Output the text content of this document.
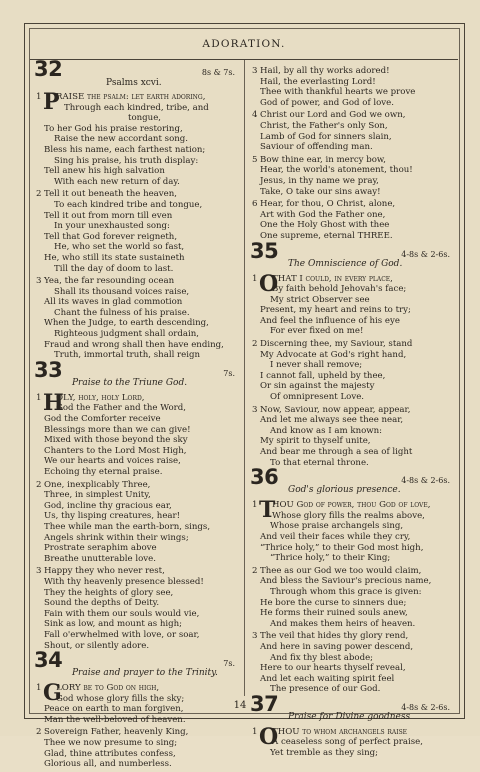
ADORATION.
32
Psalms xcvi.
8s & 7s.
1 P
RAISE the psalm: let earth adoring,
Through each kindred, tribe, and
tongue,
To her God his praise restoring,
Raise the new accordant song.
Bless his name, each farthest nation;
Sing his praise, his truth display:
Tell anew his high salvation
With each new return of day.
2 Tell it out beneath the heaven,
To each kindred tribe and tongue,
Tell it out from morn till even
In your unexhausted song:
Tell that God forever reigneth,
He, who set the world so fast,
He, who still its state sustaineth
Till the day of doom to last.
3 Yea, the far resounding ocean
Shall its thousand voices raise,
All its waves in glad commotion
Chant the fulness of his praise.
When the Judge, to earth descending,
Righteous judgment shall ordain,
Fraud and wrong shall then have ending,
Truth, immortal truth, shall reign
33
Praise to the Triune God.
7s.
1 H
OLY, holy, holy Lord,
God the Father and the Word,
God the Comforter receive
Blessings more than we can give!
Mixed with those beyond the sky
Chanters to the Lord Most High,
We our hearts and voices raise,
Echoing thy eternal praise.
2 One, inexplicably Three,
Three, in simplest Unity,
God, incline thy gracious ear,
Us, thy lisping creatures, hear!
Thee while man the earth-born, sings,
Angels shrink within their wings;
Prostrate seraphim above
Breathe unutterable love.
3 Happy they who never rest,
With thy heavenly presence blessed!
They the heights of glory see,
Sound the depths of Deity.
Fain with them our souls would vie,
Sink as low, and mount as high;
Fall o'erwhelmed with love, or soar,
Shout, or silently adore.
34
Praise and prayer to the Trinity.
7s.
1 G
LORY be to God on high,
God whose glory fills the sky;
Peace on earth to man forgiven,
Man the well-beloved of heaven.
2 Sovereign Father, heavenly King,
Thee we now presume to sing;
Glad, thine attributes confess,
Glorious all, and numberless.
3 Hail, by all thy works adored!
Hail, the everlasting Lord!
Thee with thankful hearts we prove
God of power, and God of love.
4 Christ our Lord and God we own,
Christ, the Father's only Son,
Lamb of God for sinners slain,
Saviour of offending man.
5 Bow thine ear, in mercy bow,
Hear, the world's atonement, thou!
Jesus, in thy name we pray,
Take, O take our sins away!
6 Hear, for thou, O Christ, alone,
Art with God the Father one,
One the Holy Ghost with thee
One supreme, eternal THREE.
35
The Omniscience of God.
4-8s & 2-6s.
1 O
THAT I could, in every place,
By faith behold Jehovah's face;
My strict Observer see
Present, my heart and reins to try;
And feel the influence of his eye
For ever fixed on me!
2 Discerning thee, my Saviour, stand
My Advocate at God's right hand,
I never shall remove;
I cannot fall, upheld by thee,
Or sin against the majesty
Of omnipresent Love.
3 Now, Saviour, now appear, appear,
And let me always see thee near,
And know as I am known:
My spirit to thyself unite,
And bear me through a sea of light
To that eternal throne.
36
God's glorious presence.
4-8s & 2-6s.
1 T
HOU God of power, thou God of love,
Whose glory fills the realms above,
Whose praise archangels sing,
And veil their faces while they cry,
“Thrice holy,” to their God most high,
“Thrice holy,” to their King;
2 Thee as our God we too would claim,
And bless the Saviour's precious name,
Through whom this grace is given:
He bore the curse to sinners due;
He forms their ruined souls anew,
And makes them heirs of heaven.
3 The veil that hides thy glory rend,
And here in saving power descend,
And fix thy blest abode;
Here to our hearts thyself reveal,
And let each waiting spirit feel
The presence of our God.
37
Praise for Divine goodness
4-8s & 2-6s.
1 O
THOU to whom archangels raise
A ceaseless song of perfect praise,
Yet tremble as they sing;
14
